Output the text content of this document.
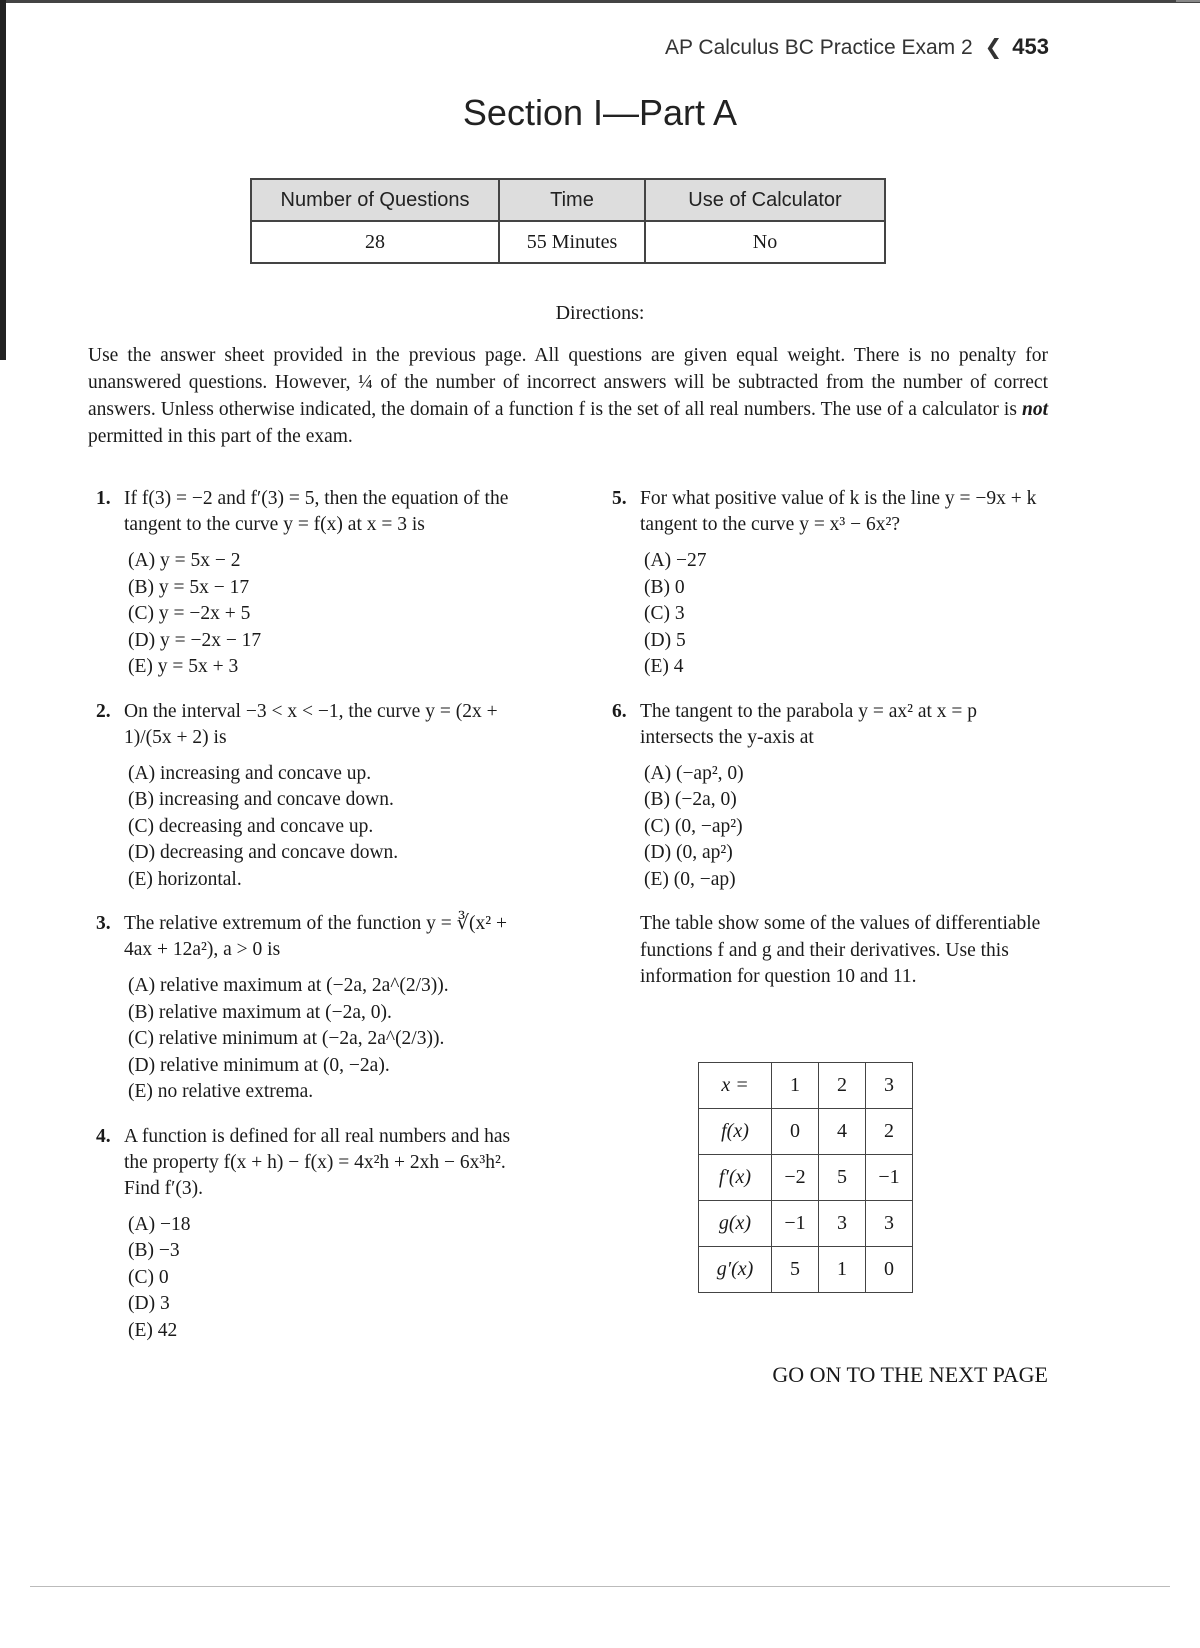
AP Calculus BC Practice Exam 2 ❮ 453
Section I—Part A
Number of Questions	Time	Use of Calculator
28	55 Minutes	No
Directions:
Use the answer sheet provided in the previous page. All questions are given equal weight. There is no penalty for unanswered questions. However, ¼ of the number of incorrect answers will be subtracted from the number of correct answers. Unless otherwise indicated, the domain of a function f is the set of all real numbers. The use of a calculator is not permitted in this part of the exam.
1. If f(3) = −2 and f′(3) = 5, then the equation of the tangent to the curve y = f(x) at x = 3 is
(A) y = 5x − 2
(B) y = 5x − 17
(C) y = −2x + 5
(D) y = −2x − 17
(E) y = 5x + 3
2. On the interval −3 < x < −1, the curve y = (2x + 1)/(5x + 2) is
(A) increasing and concave up.
(B) increasing and concave down.
(C) decreasing and concave up.
(D) decreasing and concave down.
(E) horizontal.
3. The relative extremum of the function y = ∛(x² + 4ax + 12a²), a > 0 is
(A) relative maximum at (−2a, 2a^(2/3)).
(B) relative maximum at (−2a, 0).
(C) relative minimum at (−2a, 2a^(2/3)).
(D) relative minimum at (0, −2a).
(E) no relative extrema.
4. A function is defined for all real numbers and has the property f(x + h) − f(x) = 4x²h + 2xh − 6x³h². Find f′(3).
(A) −18
(B) −3
(C) 0
(D) 3
(E) 42
5. For what positive value of k is the line y = −9x + k tangent to the curve y = x³ − 6x²?
(A) −27
(B) 0
(C) 3
(D) 5
(E) 4
6. The tangent to the parabola y = ax² at x = p intersects the y-axis at
(A) (−ap², 0)
(B) (−2a, 0)
(C) (0, −ap²)
(D) (0, ap²)
(E) (0, −ap)
The table show some of the values of differentiable functions f and g and their derivatives. Use this information for question 10 and 11.
x =	1	2	3
f(x)	0	4	2
f′(x)	−2	5	−1
g(x)	−1	3	3
g′(x)	5	1	0
GO ON TO THE NEXT PAGE
